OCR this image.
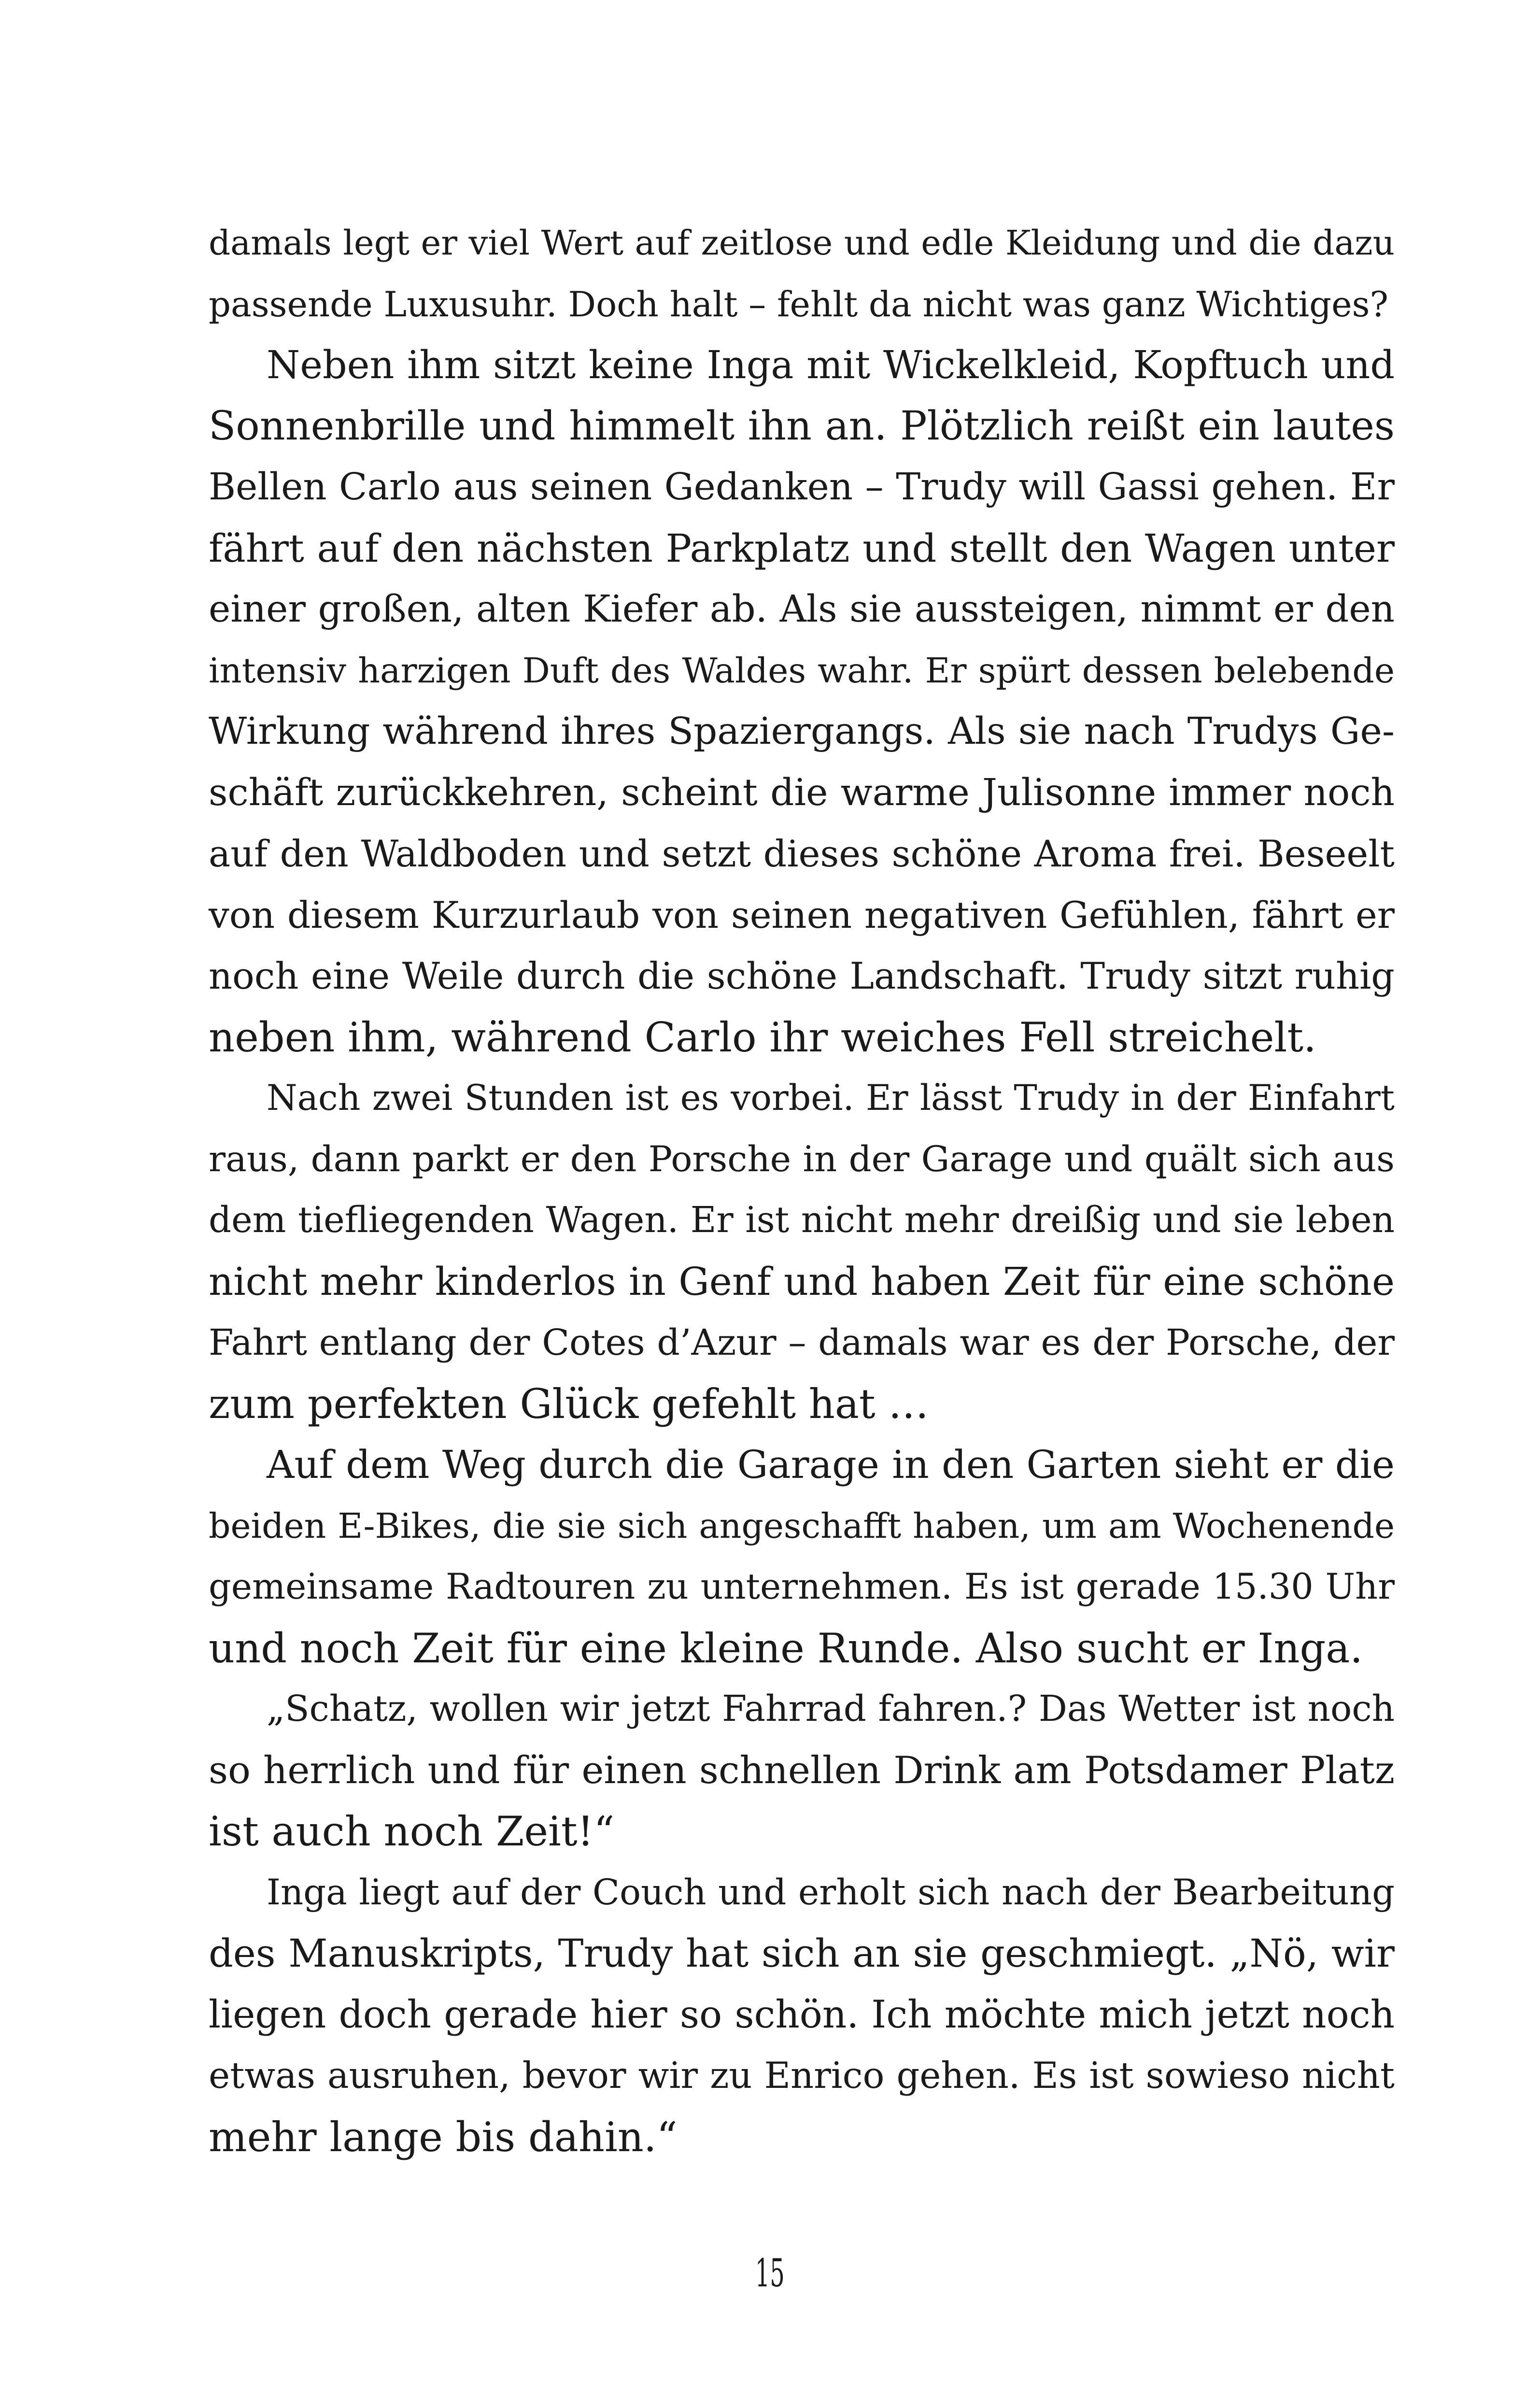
damals legt er viel Wert auf zeitlose und edle Kleidung und die dazu
passende Luxusuhr. Doch halt – fehlt da nicht was ganz Wichtiges?
Neben ihm sitzt keine Inga mit Wickelkleid, Kopftuch und
Sonnenbrille und himmelt ihn an. Plötzlich reißt ein lautes
Bellen Carlo aus seinen Gedanken – Trudy will Gassi gehen. Er
fährt auf den nächsten Parkplatz und stellt den Wagen unter
einer großen, alten Kiefer ab. Als sie aussteigen, nimmt er den
intensiv harzigen Duft des Waldes wahr. Er spürt dessen belebende
Wirkung während ihres Spaziergangs. Als sie nach Trudys Ge-
schäft zurückkehren, scheint die warme Julisonne immer noch
auf den Waldboden und setzt dieses schöne Aroma frei. Beseelt
von diesem Kurzurlaub von seinen negativen Gefühlen, fährt er
noch eine Weile durch die schöne Landschaft. Trudy sitzt ruhig
neben ihm, während Carlo ihr weiches Fell streichelt.
Nach zwei Stunden ist es vorbei. Er lässt Trudy in der Einfahrt
raus, dann parkt er den Porsche in der Garage und quält sich aus
dem tiefliegenden Wagen. Er ist nicht mehr dreißig und sie leben
nicht mehr kinderlos in Genf und haben Zeit für eine schöne
Fahrt entlang der Cotes d’Azur – damals war es der Porsche, der
zum perfekten Glück gefehlt hat …
Auf dem Weg durch die Garage in den Garten sieht er die
beiden E-Bikes, die sie sich angeschafft haben, um am Wochenende
gemeinsame Radtouren zu unternehmen. Es ist gerade 15.30 Uhr
und noch Zeit für eine kleine Runde. Also sucht er Inga.
„Schatz, wollen wir jetzt Fahrrad fahren.? Das Wetter ist noch
so herrlich und für einen schnellen Drink am Potsdamer Platz
ist auch noch Zeit!“
Inga liegt auf der Couch und erholt sich nach der Bearbeitung
des Manuskripts, Trudy hat sich an sie geschmiegt. „Nö, wir
liegen doch gerade hier so schön. Ich möchte mich jetzt noch
etwas ausruhen, bevor wir zu Enrico gehen. Es ist sowieso nicht
mehr lange bis dahin.“
15
